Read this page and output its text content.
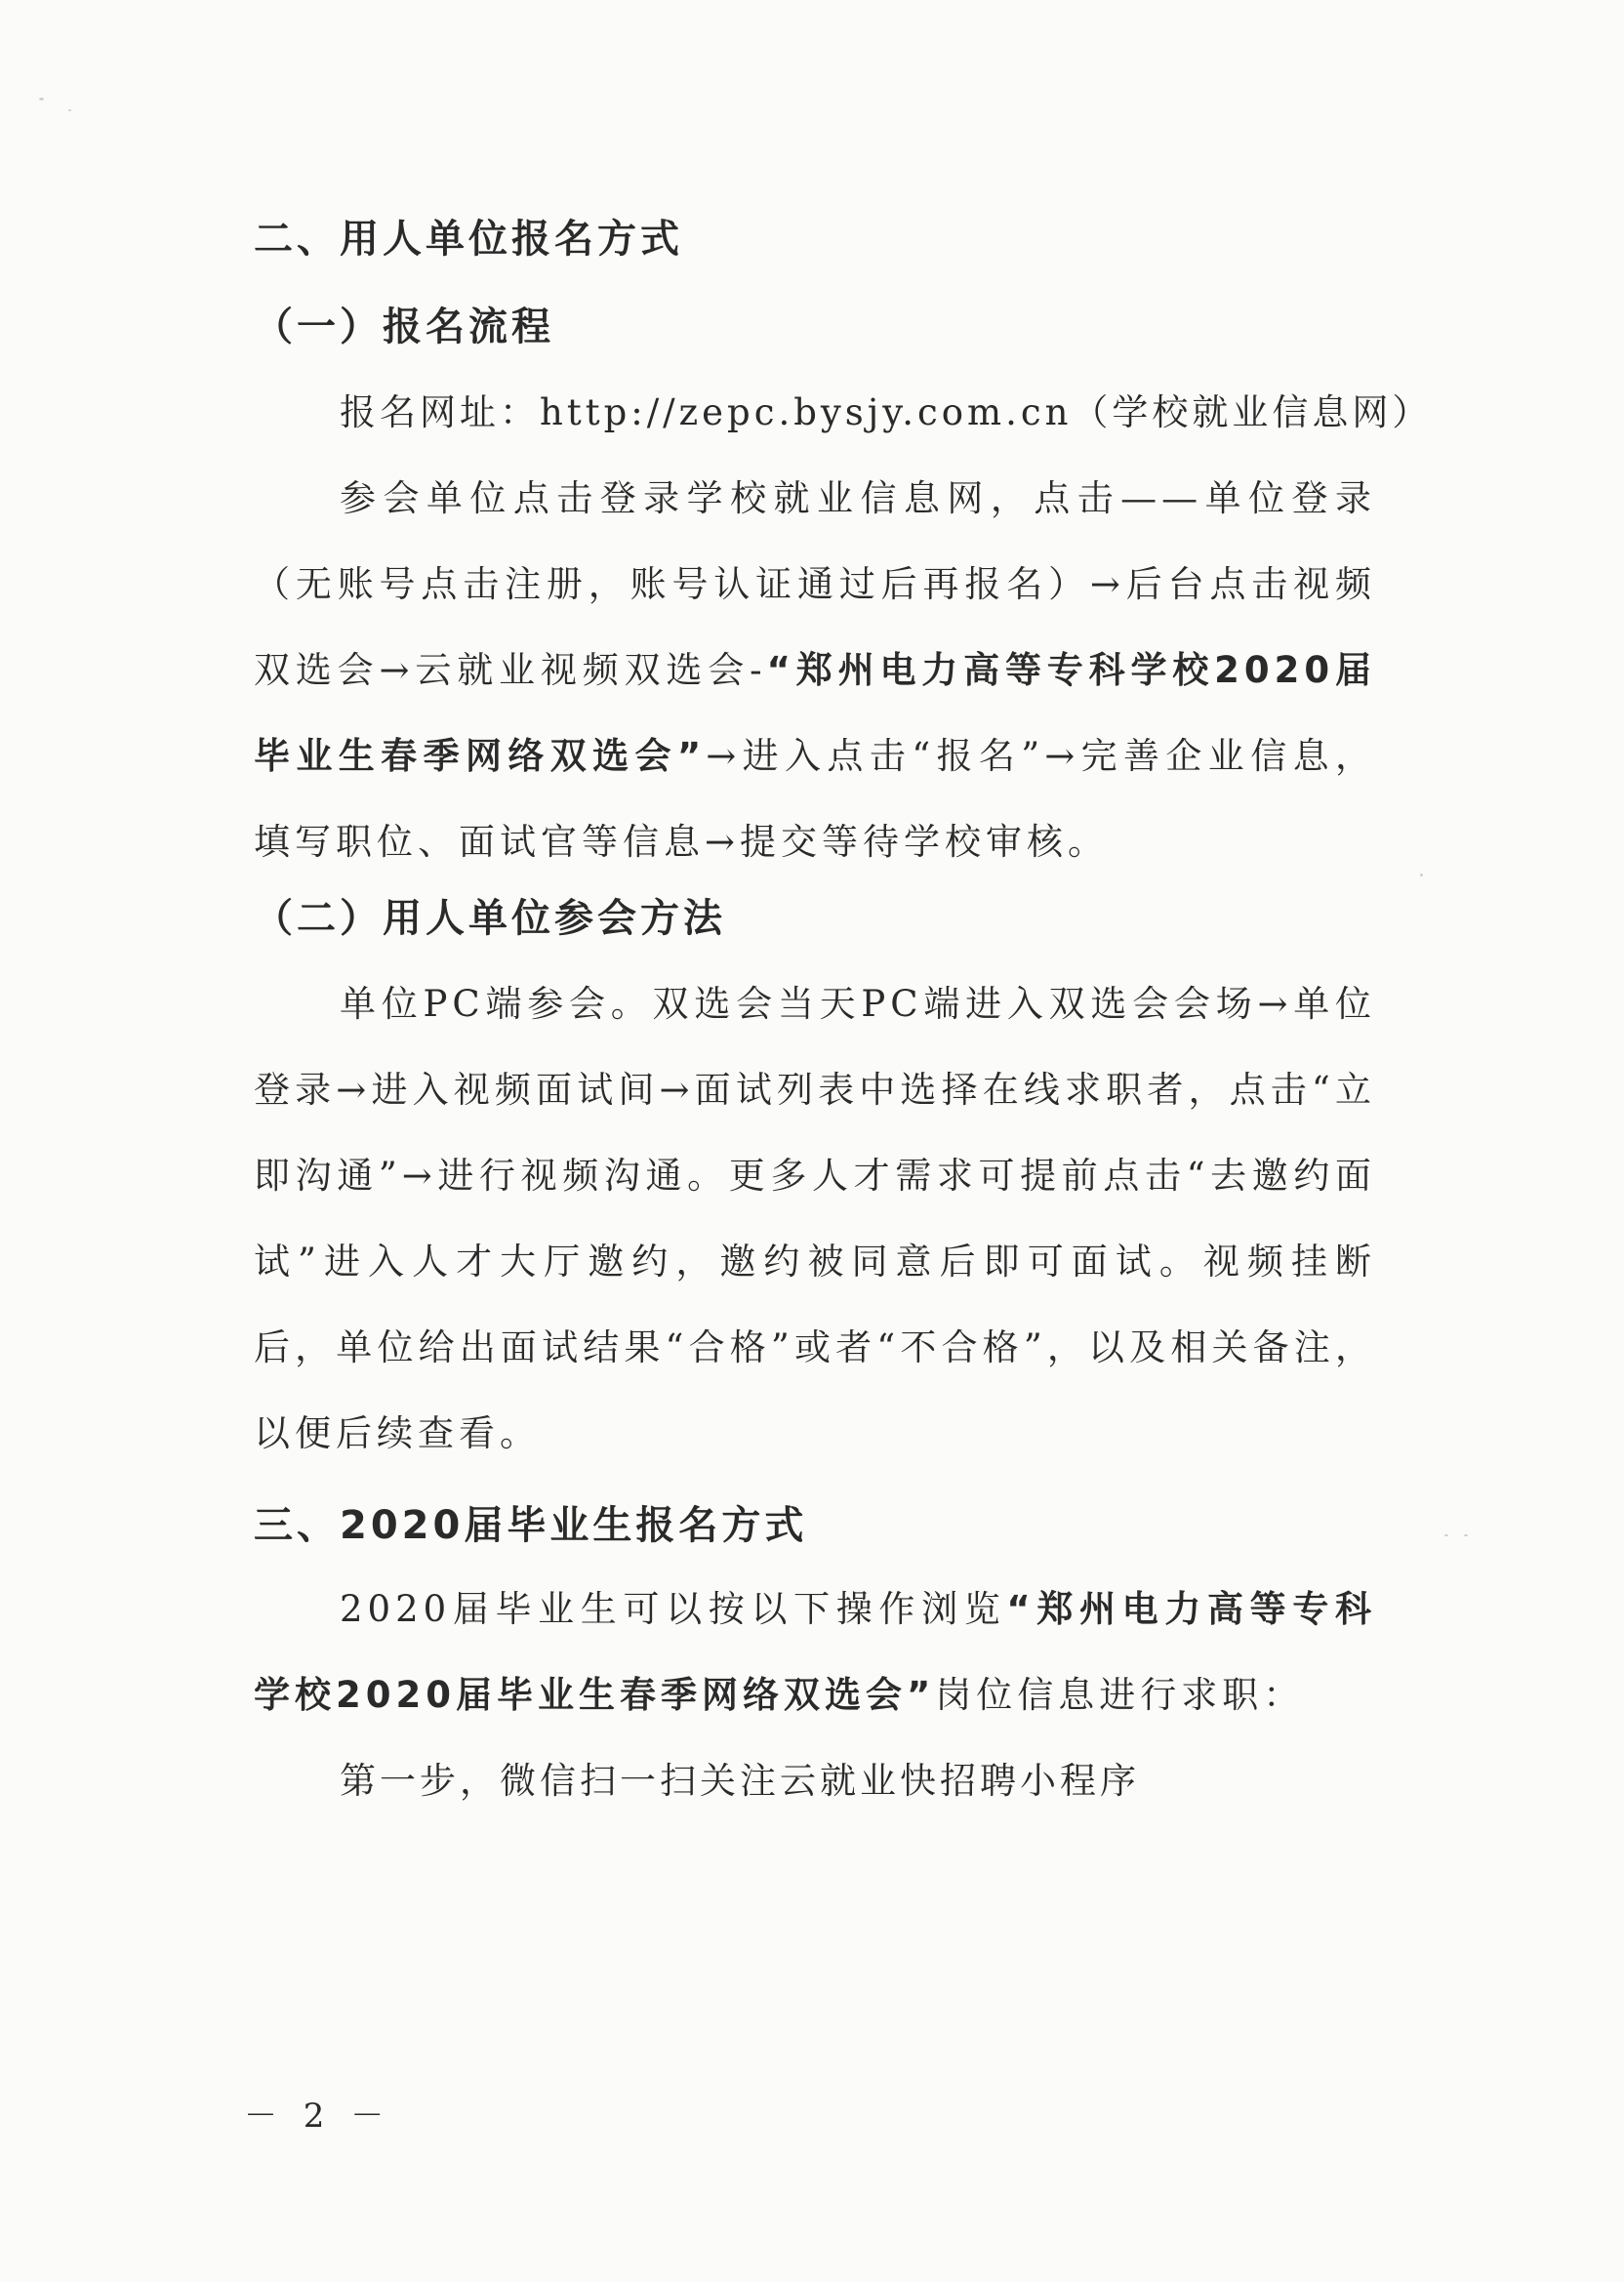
二、用人单位报名方式

（一）报名流程

报名网址：http://zepc.bysjy.com.cn（学校就业信息网）

参会单位点击登录学校就业信息网，点击——单位登录（无账号点击注册，账号认证通过后再报名）→后台点击视频双选会→云就业视频双选会-“郑州电力高等专科学校2020届毕业生春季网络双选会”→进入点击“报名”→完善企业信息，填写职位、面试官等信息→提交等待学校审核。

（二）用人单位参会方法

单位PC端参会。双选会当天PC端进入双选会会场→单位登录→进入视频面试间→面试列表中选择在线求职者，点击“立即沟通”→进行视频沟通。更多人才需求可提前点击“去邀约面试”进入人才大厅邀约，邀约被同意后即可面试。视频挂断后，单位给出面试结果“合格”或者“不合格”，以及相关备注，以便后续查看。

三、2020届毕业生报名方式

2020届毕业生可以按以下操作浏览“郑州电力高等专科学校2020届毕业生春季网络双选会”岗位信息进行求职：

第一步，微信扫一扫关注云就业快招聘小程序

－ 2 －
